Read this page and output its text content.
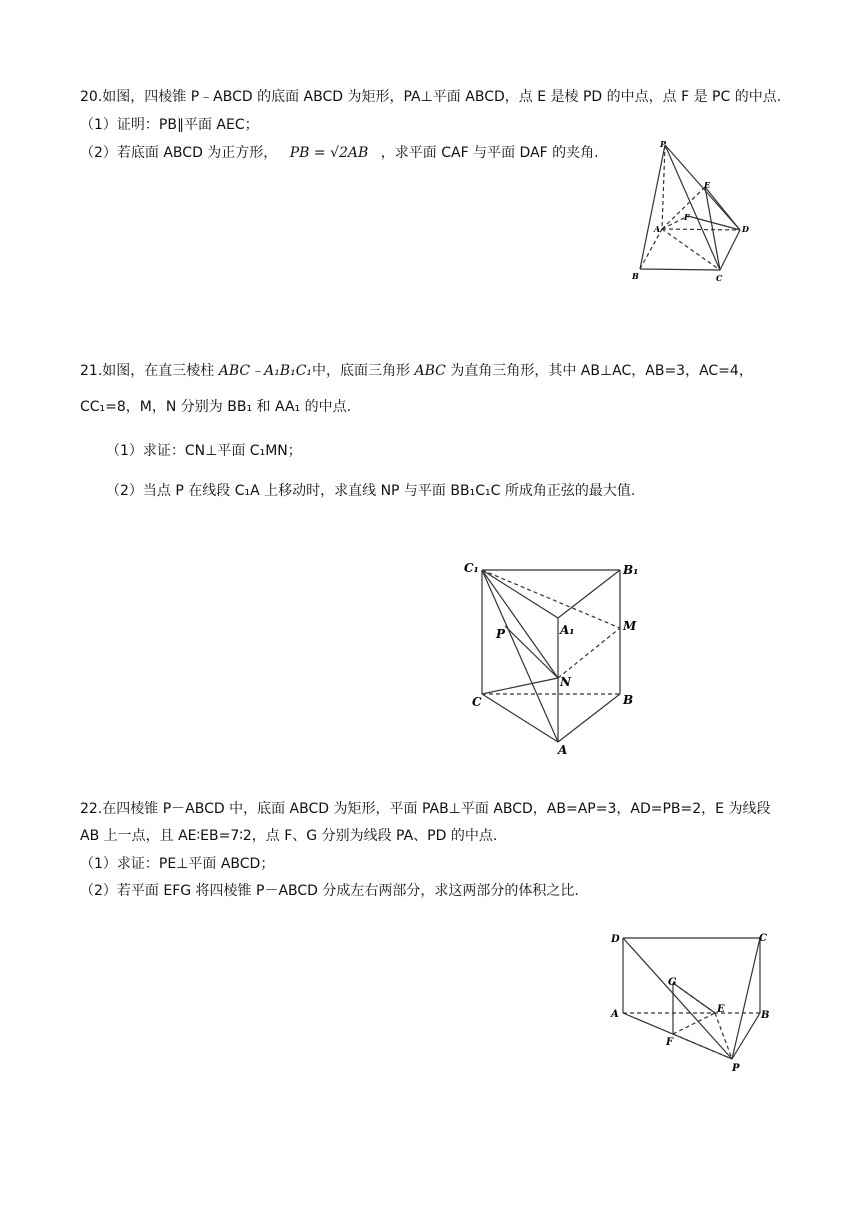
20.如图，四棱锥 P﹣ABCD 的底面 ABCD 为矩形，PA⊥平面 ABCD，点 E 是棱 PD 的中点，点 F 是 PC 的中点.
（1）证明：PB∥平面 AEC；
（2）若底面 ABCD 为正方形， PB = √2AB ，求平面 CAF 与平面 DAF 的夹角.
P
E
F
A	D
B	C
21.如图，在直三棱柱 ABC﹣A₁B₁C₁中，底面三角形 ABC 为直角三角形，其中 AB⊥AC，AB=3，AC=4，
CC₁=8，M，N 分别为 BB₁ 和 AA₁ 的中点.
（1）求证：CN⊥平面 C₁MN；
（2）当点 P 在线段 C₁A 上移动时，求直线 NP 与平面 BB₁C₁C 所成角正弦的最大值.
C₁	B₁
A₁	M
P
N
C	B
A
22.在四棱锥 P－ABCD 中，底面 ABCD 为矩形，平面 PAB⊥平面 ABCD，AB=AP=3，AD=PB=2，E 为线段
AB 上一点，且 AE∶EB=7∶2，点 F、G 分别为线段 PA、PD 的中点.
（1）求证：PE⊥平面 ABCD；
（2）若平面 EFG 将四棱锥 P－ABCD 分成左右两部分，求这两部分的体积之比.
D	C
G
E
A	B
F
P
